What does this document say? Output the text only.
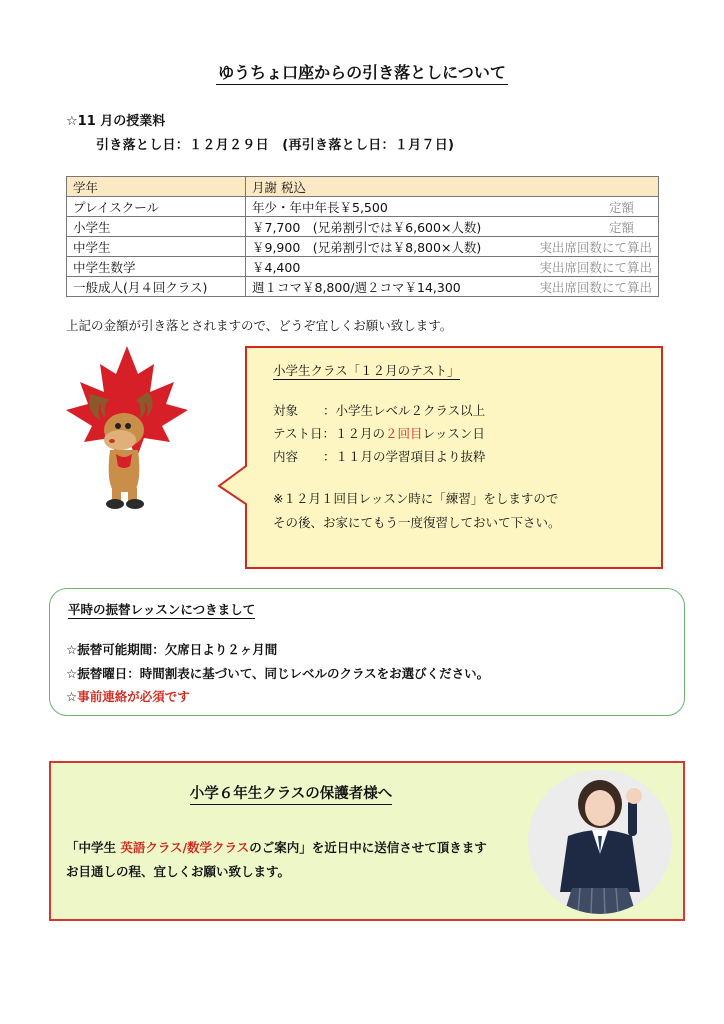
ゆうちょ口座からの引き落としについて
☆11 月の授業料
引き落とし日：１２月２９日　(再引き落とし日：１月７日)
学年	月謝 税込
プレイスクール	年少・年中年長￥5,500 定額

小学生	￥7,700　(兄弟割引では￥6,600×人数) 定額

中学生	￥9,900　(兄弟割引では￥8,800×人数) 実出席回数にて算出

中学生数学	￥4,400 実出席回数にて算出

一般成人(月４回クラス)	週１コマ￥8,800/週２コマ￥14,300 実出席回数にて算出
上記の金額が引き落とされますので、どうぞ宜しくお願い致します。
小学生クラス「１２月のテスト」
対象　　：小学生レベル２クラス以上
テスト日：１２月の２回目レッスン日
内容　　：１１月の学習項目より抜粋
※１２月１回目レッスン時に「練習」をしますので
その後、お家にてもう一度復習しておいて下さい。
平時の振替レッスンにつきまして
☆振替可能期間：欠席日より２ヶ月間
☆振替曜日：時間割表に基づいて、同じレベルのクラスをお選びください。
☆事前連絡が必須です
小学６年生クラスの保護者様へ
「中学生 英語クラス/数学クラスのご案内」を近日中に送信させて頂きます
お目通しの程、宜しくお願い致します。
